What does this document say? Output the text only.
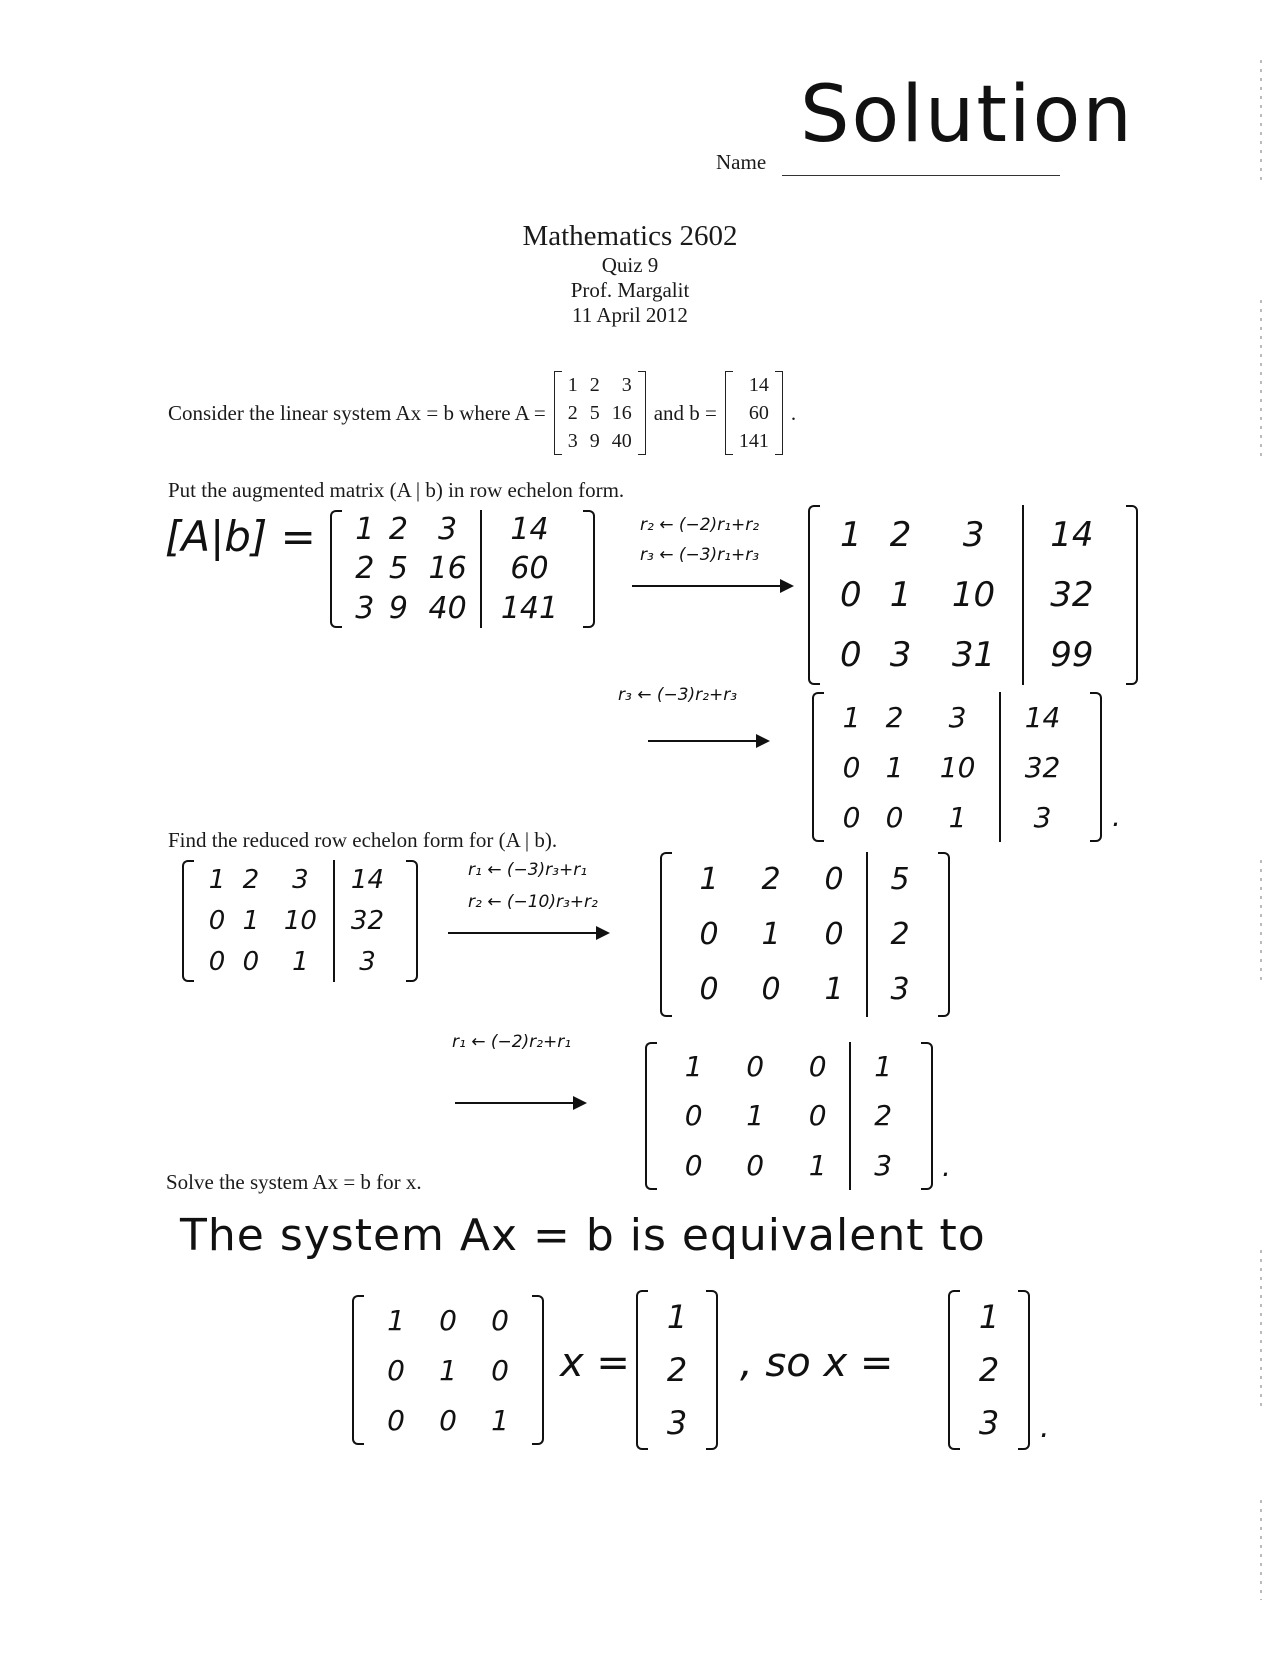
Name
Solution
Mathematics 2602
Quiz 9
Prof. Margalit
11 April 2012
Consider the linear system Ax = b where A =
1	2	3
2	5	16
3	9	40
and b =
14
60
141
.
Put the augmented matrix (A | b) in row echelon form.
[A|b] = 1	2	3	14
2	5	16	60
3	9	40	141
r₂ ← (−2)r₁+r₂
r₃ ← (−3)r₁+r₃ 1	2	3	14
0	1	10	32
0	3	31	99
r₃ ← (−3)r₂+r₃
1	2	3	14
0	1	10	32
0	0	1	3 .
Find the reduced row echelon form for (A | b).
1	2	3	14
0	1	10	32
0	0	1	3
r₁ ← (−3)r₃+r₁
r₂ ← (−10)r₃+r₂
1	2	0	5
0	1	0	2
0	0	1	3
r₁ ← (−2)r₂+r₁
1	0	0	1
0	1	0	2
0	0	1	3 .
Solve the system Ax = b for x.
The system Ax = b is equivalent to
1	0	0
0	1	0
0	0	1
x =
1
2
3
, so x =
1
2
3 .
